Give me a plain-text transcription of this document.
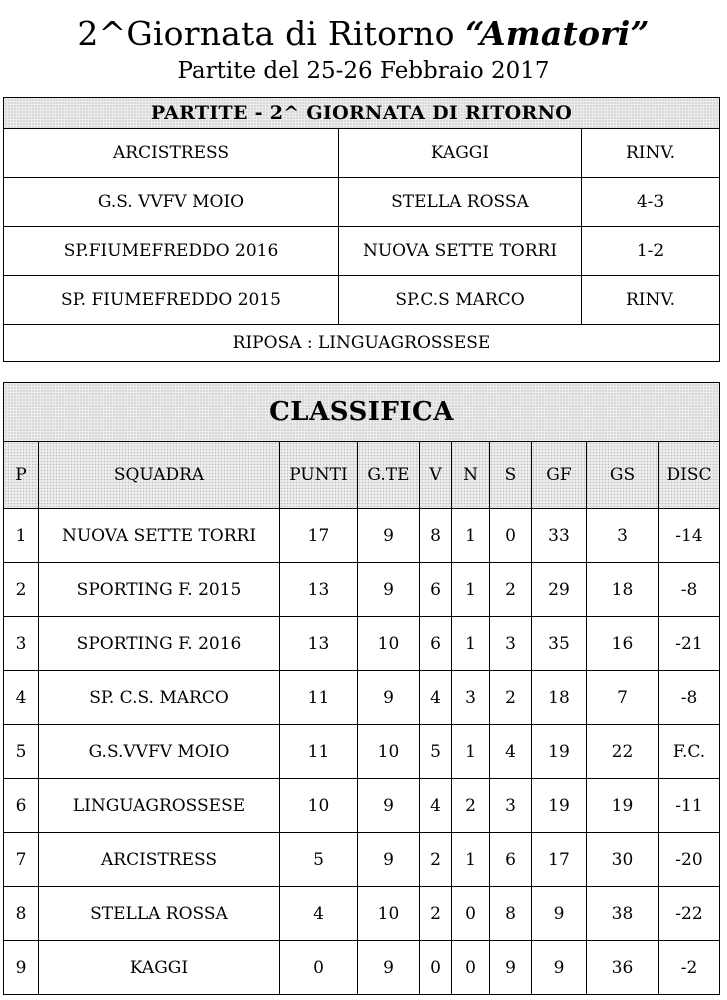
2^Giornata di Ritorno “Amatori”
Partite del 25-26 Febbraio 2017
PARTITE - 2^ GIORNATA DI RITORNO		
ARCISTRESS	KAGGI	RINV.
G.S. VVFV MOIO	STELLA ROSSA	4-3
SP.FIUMEFREDDO 2016	NUOVA SETTE TORRI	1-2
SP. FIUMEFREDDO 2015	SP.C.S MARCO	RINV.
RIPOSA : LINGUAGROSSESE		
CLASSIFICA									
P	SQUADRA	PUNTI	G.TE	V	N	S	GF	GS	DISC
1	NUOVA SETTE TORRI	17	9	8	1	0	33	3	-14
2	SPORTING F. 2015	13	9	6	1	2	29	18	-8
3	SPORTING F. 2016	13	10	6	1	3	35	16	-21
4	SP. C.S. MARCO	11	9	4	3	2	18	7	-8
5	G.S.VVFV MOIO	11	10	5	1	4	19	22	F.C.
6	LINGUAGROSSESE	10	9	4	2	3	19	19	-11
7	ARCISTRESS	5	9	2	1	6	17	30	-20
8	STELLA ROSSA	4	10	2	0	8	9	38	-22
9	KAGGI	0	9	0	0	9	9	36	-2
